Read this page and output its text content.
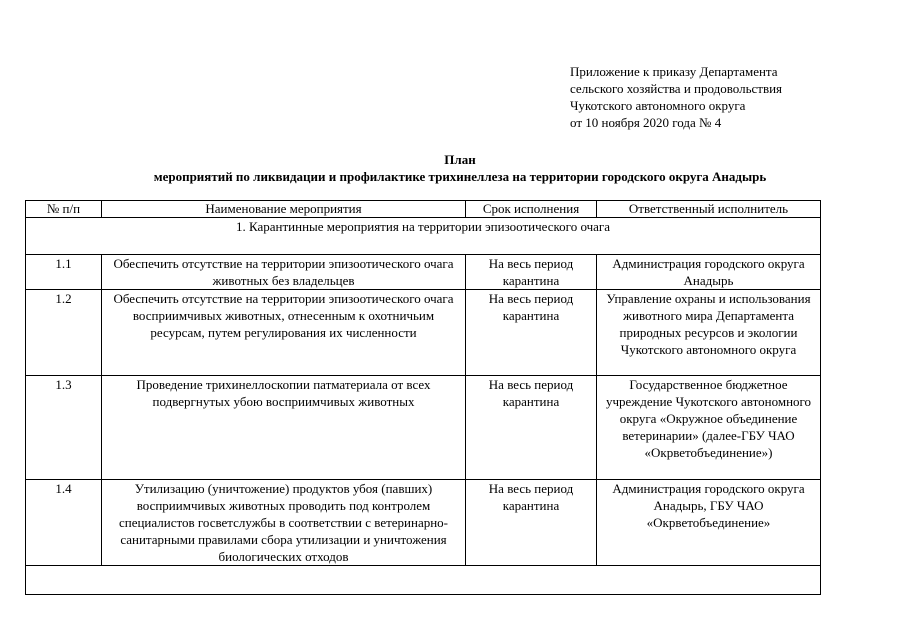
Приложение к приказу Департамента
сельского хозяйства и продовольствия
Чукотского автономного округа
от 10 ноября 2020 года № 4
План
мероприятий по ликвидации и профилактике трихинеллеза на территории городского округа Анадырь
№ п/п	Наименование мероприятия	Срок исполнения	Ответственный исполнитель
1. Карантинные мероприятия на территории эпизоотического очага			
1.1	Обеспечить отсутствие на территории эпизоотического очага животных без владельцев	На весь период карантина	Администрация городского округа Анадырь
1.2	Обеспечить отсутствие на территории эпизоотического очага восприимчивых животных, отнесенным к охотничьим ресурсам, путем регулирования их численности	На весь период карантина	Управление охраны и использования животного мира Департамента природных ресурсов и экологии Чукотского автономного округа
1.3	Проведение трихинеллоскопии патматериала от всех подвергнутых убою восприимчивых животных	На весь период карантина	Государственное бюджетное учреждение Чукотского автономного округа «Окружное объединение ветеринарии» (далее-ГБУ ЧАО «Окрветобъединение»)
1.4	Утилизацию (уничтожение) продуктов убоя (павших) восприимчивых животных проводить под контролем специалистов госветслужбы в соответствии с ветеринарно-санитарными правилами сбора утилизации и уничтожения биологических отходов	На весь период карантина	Администрация городского округа Анадырь, ГБУ ЧАО «Окрветобъединение»
